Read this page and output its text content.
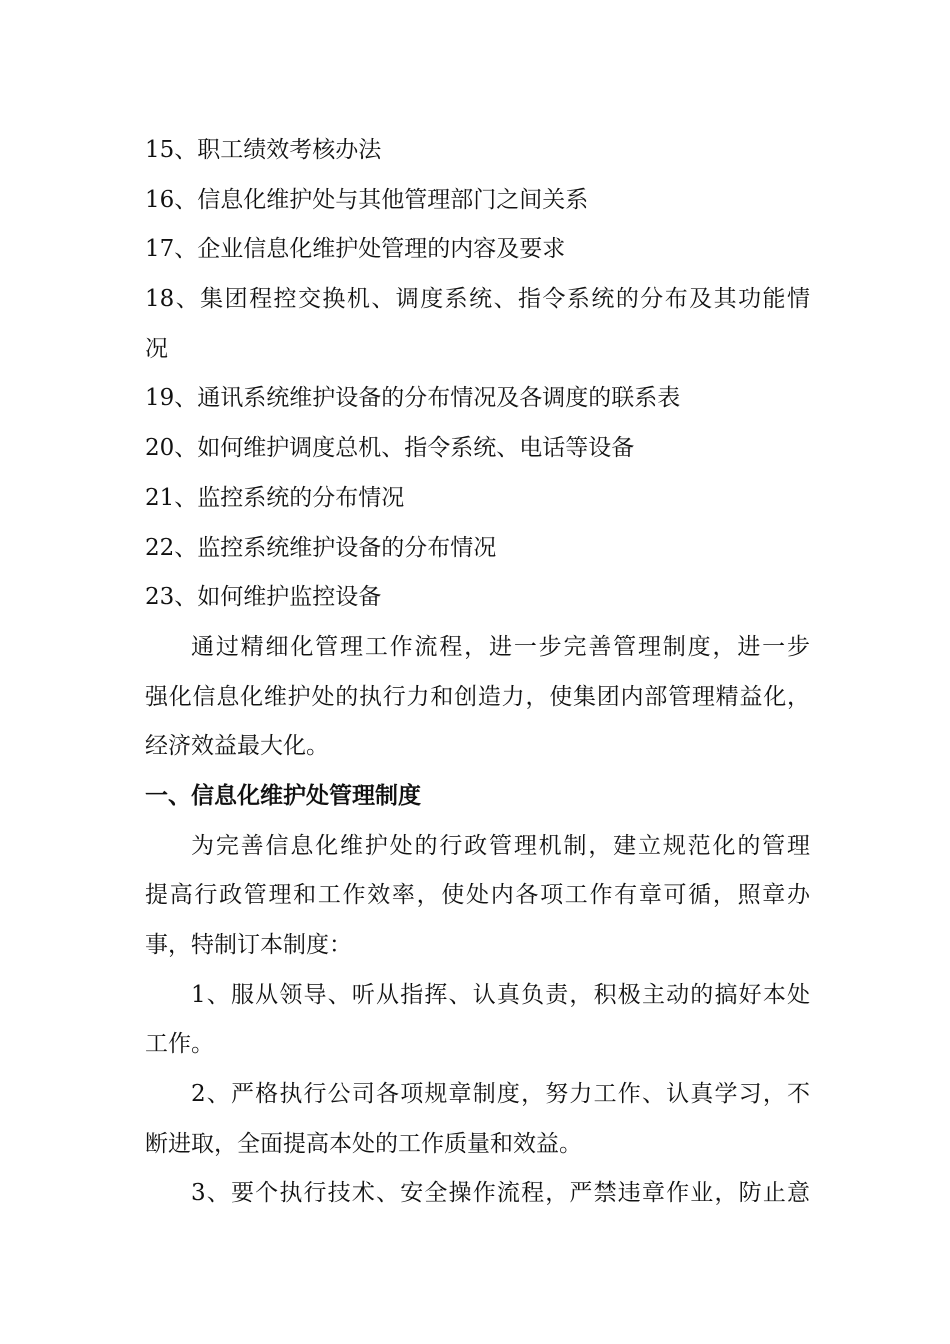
15、职工绩效考核办法
16、信息化维护处与其他管理部门之间关系
17、企业信息化维护处管理的内容及要求
18、集团程控交换机、调度系统、指令系统的分布及其功能情
况
19、通讯系统维护设备的分布情况及各调度的联系表
20、如何维护调度总机、指令系统、电话等设备
21、监控系统的分布情况
22、监控系统维护设备的分布情况
23、如何维护监控设备
通过精细化管理工作流程，进一步完善管理制度，进一步
强化信息化维护处的执行力和创造力，使集团内部管理精益化，
经济效益最大化。
一、信息化维护处管理制度
为完善信息化维护处的行政管理机制，建立规范化的管理
提高行政管理和工作效率，使处内各项工作有章可循，照章办
事，特制订本制度：
1、服从领导、听从指挥、认真负责，积极主动的搞好本处
工作。
2、严格执行公司各项规章制度，努力工作、认真学习，不
断进取，全面提高本处的工作质量和效益。
3、要个执行技术、安全操作流程，严禁违章作业，防止意
